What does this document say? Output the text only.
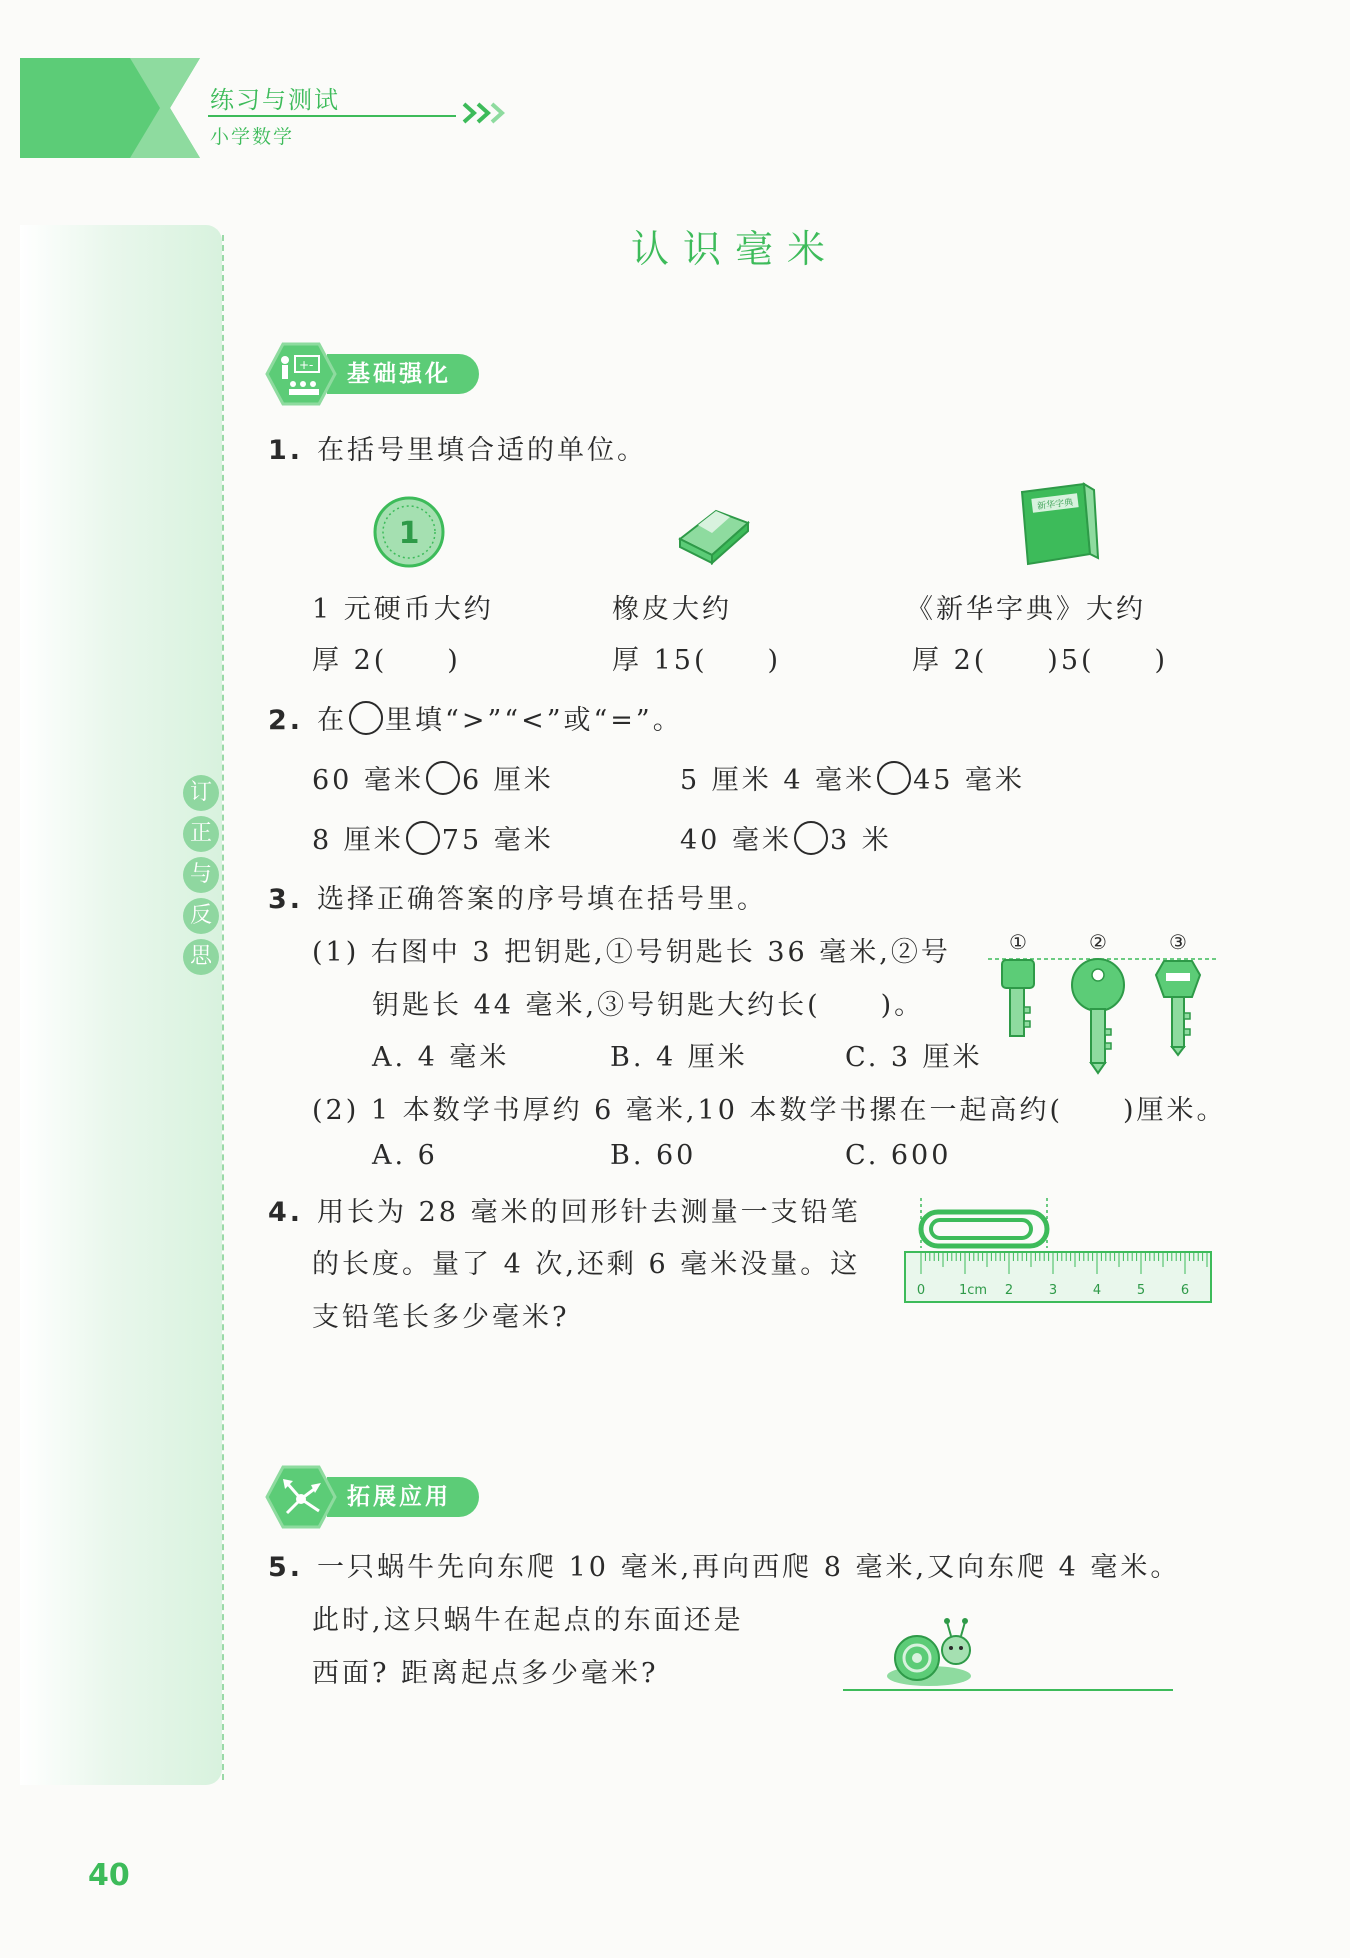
练习与测试
小学数学
订
正
与
反
思
认识毫米
基础强化
+-
1. 在括号里填合适的单位。
1
新华字典
1 元硬币大约
厚 2(　　)
橡皮大约
厚 15(　　)
《新华字典》大约
厚 2(　　)5(　　)
2. 在 里填“>”“<”或“=”。
60 毫米 6 厘米	5 厘米 4 毫米 45 毫米
8 厘米 75 毫米	40 毫米 3 米
3. 选择正确答案的序号填在括号里。
(1) 右图中 3 把钥匙,①号钥匙长 36 毫米,②号
钥匙长 44 毫米,③号钥匙大约长(　　)。
A. 4 毫米	B. 4 厘米	C. 3 厘米
(2) 1 本数学书厚约 6 毫米,10 本数学书摞在一起高约(　　)厘米。
A. 6	B. 60	C. 600
①	②	③
4. 用长为 28 毫米的回形针去测量一支铅笔
的长度。量了 4 次,还剩 6 毫米没量。这
支铅笔长多少毫米?
0	1cm 2	3	4	5	6
拓展应用
5. 一只蜗牛先向东爬 10 毫米,再向西爬 8 毫米,又向东爬 4 毫米。
此时,这只蜗牛在起点的东面还是
西面? 距离起点多少毫米?
40
